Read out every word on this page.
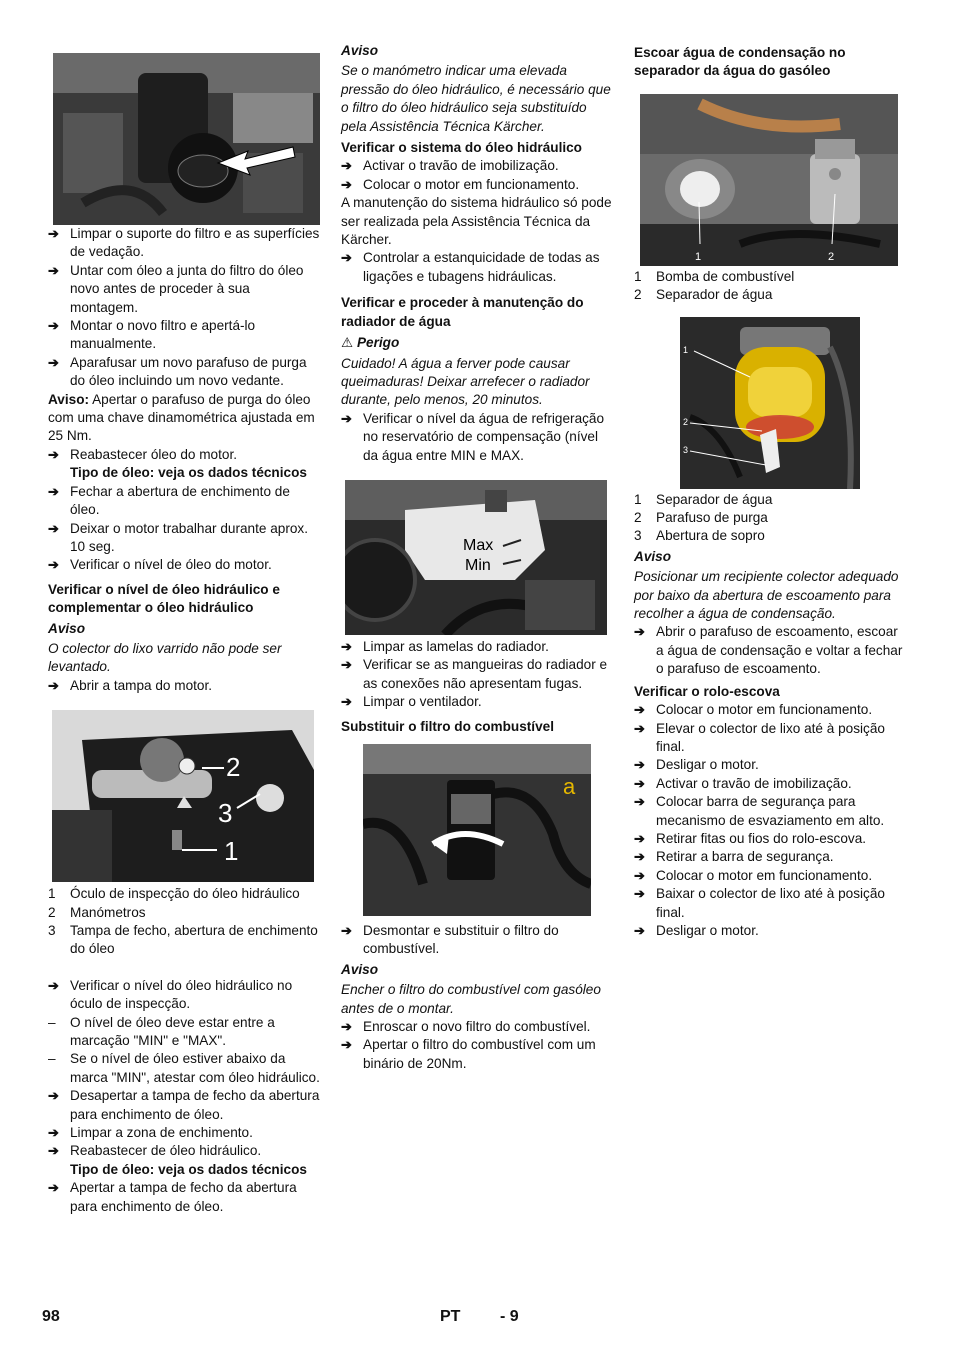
➔ Limpar o suporte do filtro e as superfícies de vedação.
➔ Untar com óleo a junta do filtro do óleo novo antes de proceder à sua montagem.
➔ Montar o novo filtro e apertá-lo manualmente.
➔ Aparafusar um novo parafuso de purga do óleo incluindo um novo vedante.

Aviso: Apertar o parafuso de purga do óleo com uma chave dinamométrica ajustada em 25 Nm.

➔ Reabastecer óleo do motor.
Tipo de óleo: veja os dados técnicos
➔ Fechar a abertura de enchimento de óleo.
➔ Deixar o motor trabalhar durante aprox. 10 seg.
➔ Verificar o nível de óleo do motor.
Verificar o nível de óleo hidráulico e complementar o óleo hidráulico
Aviso
O colector do lixo varrido não pode ser levantado.
➔ Abrir a tampa do motor.
2
3
1
1	Óculo de inspecção do óleo hidráulico
2	Manómetros
3	Tampa de fecho, abertura de enchimento do óleo
➔ Verificar o nível do óleo hidráulico no óculo de inspecção.
–	O nível de óleo deve estar entre a marcação "MIN" e "MAX".
–	Se o nível de óleo estiver abaixo da marca "MIN", atestar com óleo hidráulico.
➔ Desapertar a tampa de fecho da abertura para enchimento de óleo.
➔ Limpar a zona de enchimento.
➔ Reabastecer de óleo hidráulico.
Tipo de óleo: veja os dados técnicos
➔ Apertar a tampa de fecho da abertura para enchimento de óleo.
Aviso
Se o manómetro indicar uma elevada pressão do óleo hidráulico, é necessário que o filtro do óleo hidráulico seja substituído pela Assistência Técnica Kärcher.
Verificar o sistema do óleo hidráulico
➔ Activar o travão de imobilização.
➔ Colocar o motor em funcionamento.

A manutenção do sistema hidráulico só pode ser realizada pela Assistência Técnica da Kärcher.

➔ Controlar a estanquicidade de todas as ligações e tubagens hidráulicas.
Verificar e proceder à manutenção do radiador de água
⚠ Perigo
Cuidado! A água a ferver pode causar queimaduras! Deixar arrefecer o radiador durante, pelo menos, 20 minutos.
➔ Verificar o nível da água de refrigeração no reservatório de compensação (nível da água entre MIN e MAX.
Max
Min
➔ Limpar as lamelas do radiador.
➔ Verificar se as mangueiras do radiador e as conexões não apresentam fugas.
➔ Limpar o ventilador.
Substituir o filtro do combustível
a
➔ Desmontar e substituir o filtro do combustível.
Aviso
Encher o filtro do combustível com gasóleo antes de o montar.
➔ Enroscar o novo filtro do combustível.
➔ Apertar o filtro do combustível com um binário de 20Nm.
Escoar água de condensação no separador da água do gasóleo
1	2
1	Bomba de combustível
2	Separador de água
1
2
3
1	Separador de água
2	Parafuso de purga
3	Abertura de sopro
Aviso
Posicionar um recipiente colector adequado por baixo da abertura de escoamento para recolher a água de condensação.
➔ Abrir o parafuso de escoamento, escoar a água de condensação e voltar a fechar o parafuso de escoamento.
Verificar o rolo-escova
➔ Colocar o motor em funcionamento.
➔ Elevar o colector de lixo até à posição final.
➔ Desligar o motor.
➔ Activar o travão de imobilização.
➔ Colocar barra de segurança para mecanismo de esvaziamento em alto.
➔ Retirar fitas ou fios do rolo-escova.
➔ Retirar a barra de segurança.
➔ Colocar o motor em funcionamento.
➔ Baixar o colector de lixo até à posição final.
➔ Desligar o motor.
98	PT - 9
